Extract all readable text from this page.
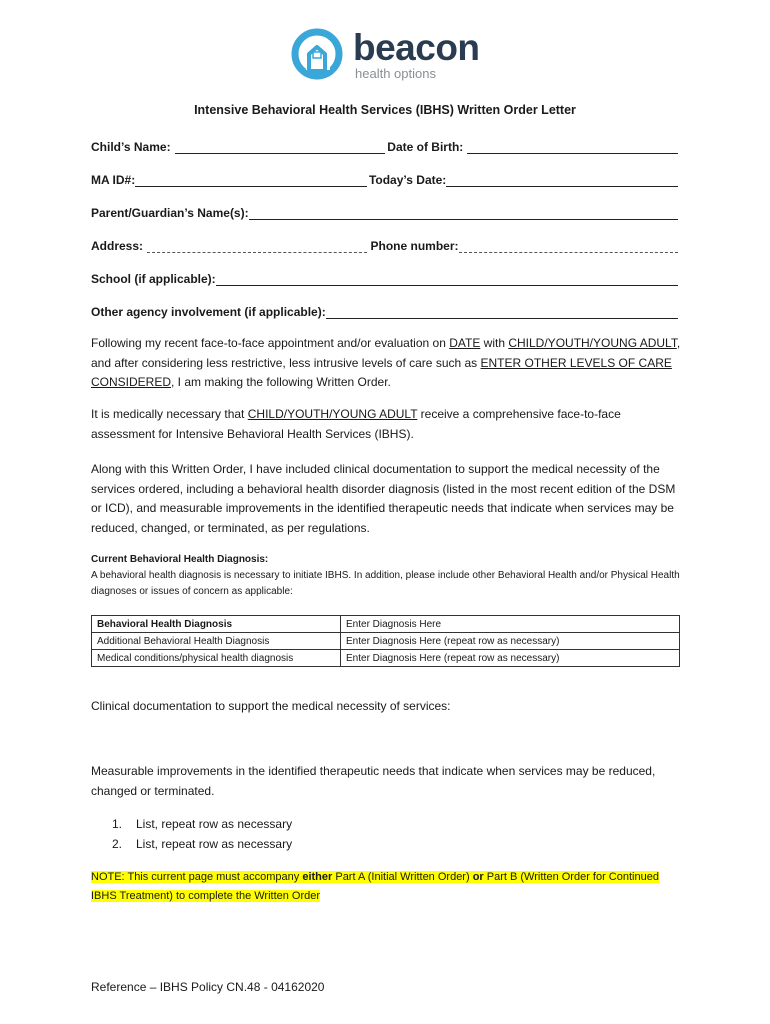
beacon
health options
Intensive Behavioral Health Services (IBHS) Written Order Letter
Child’s Name:	Date of Birth:
MA ID#:	Today’s Date:
Parent/Guardian’s Name(s):
Address:	Phone number:
School (if applicable):
Other agency involvement (if applicable):
Following my recent face-to-face appointment and/or evaluation on DATE with CHILD/YOUTH/YOUNG ADULT, and after considering less restrictive, less intrusive levels of care such as ENTER OTHER LEVELS OF CARE CONSIDERED, I am making the following Written Order.
It is medically necessary that CHILD/YOUTH/YOUNG ADULT receive a comprehensive face-to-face assessment for Intensive Behavioral Health Services (IBHS).
Along with this Written Order, I have included clinical documentation to support the medical necessity of the services ordered, including a behavioral health disorder diagnosis (listed in the most recent edition of the DSM or ICD), and measurable improvements in the identified therapeutic needs that indicate when services may be reduced, changed, or terminated, as per regulations.
Current Behavioral Health Diagnosis:
A behavioral health diagnosis is necessary to initiate IBHS. In addition, please include other Behavioral Health and/or Physical Health diagnoses or issues of concern as applicable:
Behavioral Health Diagnosis	Enter Diagnosis Here
Additional Behavioral Health Diagnosis	Enter Diagnosis Here (repeat row as necessary)
Medical conditions/physical health diagnosis	Enter Diagnosis Here (repeat row as necessary)
Clinical documentation to support the medical necessity of services:
Measurable improvements in the identified therapeutic needs that indicate when services may be reduced, changed or terminated.
1. List, repeat row as necessary
2. List, repeat row as necessary
NOTE: This current page must accompany either Part A (Initial Written Order) or Part B (Written Order for Continued IBHS Treatment) to complete the Written Order
Reference – IBHS Policy CN.48 - 04162020
